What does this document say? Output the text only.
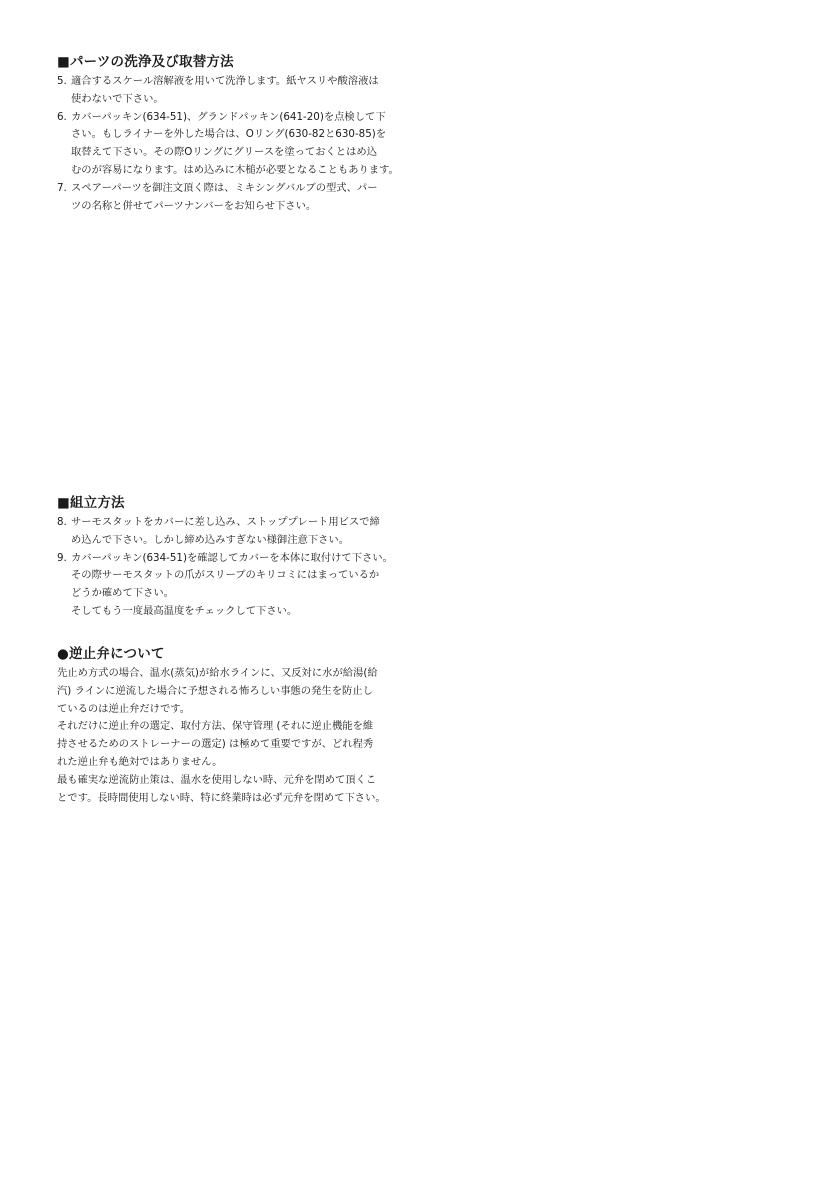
■パーツの洗浄及び取替方法
5. 適合するスケール溶解液を用いて洗浄します。紙ヤスリや酸溶液は
使わないで下さい。
6. カバーパッキン(634-51)、グランドパッキン(641-20)を点検して下
さい。もしライナーを外した場合は、Oリング(630-82と630-85)を
取替えて下さい。その際Oリングにグリースを塗っておくとはめ込
むのが容易になります。はめ込みに木槌が必要となることもあります。
7. スペアーパーツを御注文頂く際は、ミキシングバルブの型式、パー
ツの名称と併せてパーツナンバーをお知らせ下さい。
■組立方法
8. サーモスタットをカバーに差し込み、ストッププレート用ビスで締
め込んで下さい。しかし締め込みすぎない様御注意下さい。
9. カバーパッキン(634-51)を確認してカバーを本体に取付けて下さい。
その際サーモスタットの爪がスリーブのキリコミにはまっているか
どうか確めて下さい。
そしてもう一度最高温度をチェックして下さい。
●逆止弁について
先止め方式の場合、温水(蒸気)が給水ラインに、又反対に水が給湯(給
汽) ラインに逆流した場合に予想される怖ろしい事態の発生を防止し
ているのは逆止弁だけです。
それだけに逆止弁の選定、取付方法、保守管理 (それに逆止機能を維
持させるためのストレーナーの選定) は極めて重要ですが、どれ程秀
れた逆止弁も絶対ではありません。
最も確実な逆流防止策は、温水を使用しない時、元弁を閉めて頂くこ
とです。長時間使用しない時、特に終業時は必ず元弁を閉めて下さい。
